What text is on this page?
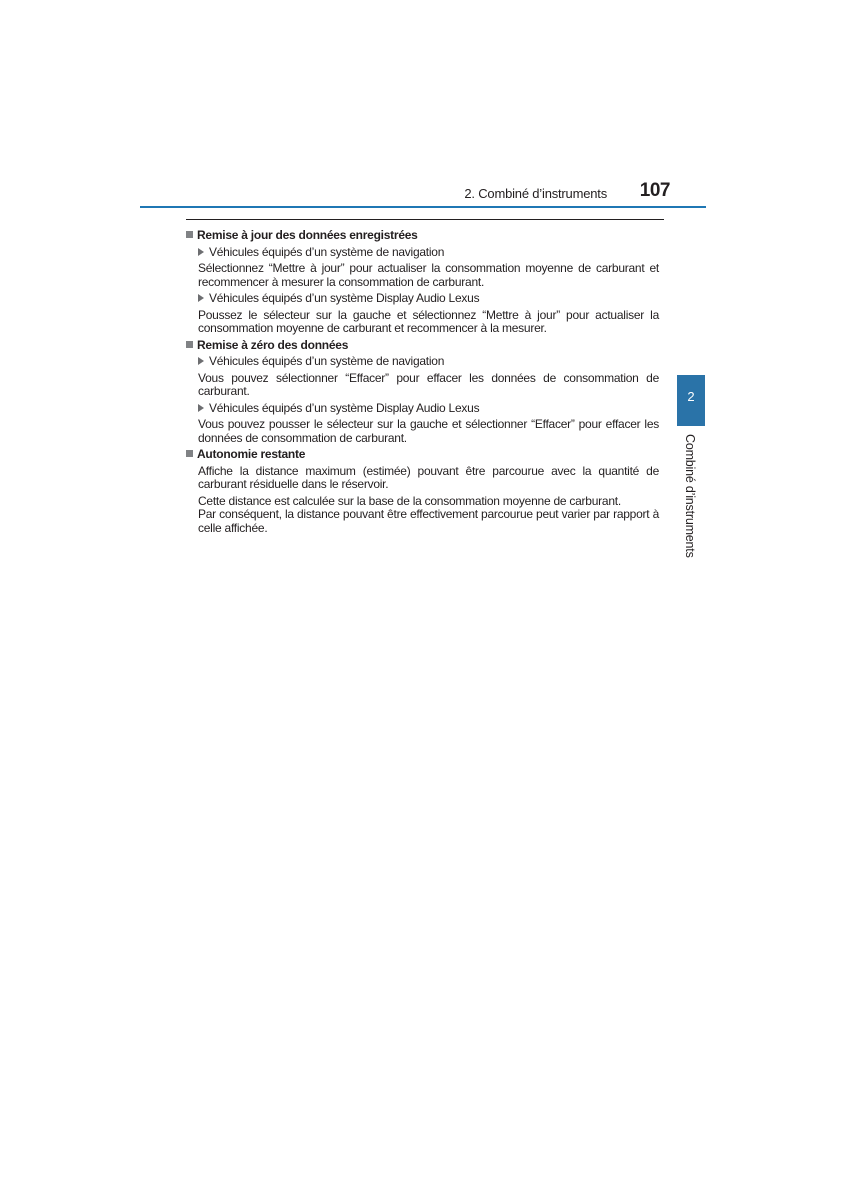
2. Combiné d’instruments 107
Remise à jour des données enregistrées
Véhicules équipés d’un système de navigation
Sélectionnez “Mettre à jour” pour actualiser la consommation moyenne de carburant et recommencer à mesurer la consommation de carburant.
Véhicules équipés d’un système Display Audio Lexus
Poussez le sélecteur sur la gauche et sélectionnez “Mettre à jour” pour actualiser la consommation moyenne de carburant et recommencer à la mesurer.
Remise à zéro des données
Véhicules équipés d’un système de navigation
Vous pouvez sélectionner “Effacer” pour effacer les données de consommation de carburant.
Véhicules équipés d’un système Display Audio Lexus
Vous pouvez pousser le sélecteur sur la gauche et sélectionner “Effacer” pour effacer les données de consommation de carburant.
Autonomie restante
Affiche la distance maximum (estimée) pouvant être parcourue avec la quantité de carburant résiduelle dans le réservoir.
Cette distance est calculée sur la base de la consommation moyenne de carburant.
Par conséquent, la distance pouvant être effectivement parcourue peut varier par rapport à celle affichée.
2
Combiné d’instruments
